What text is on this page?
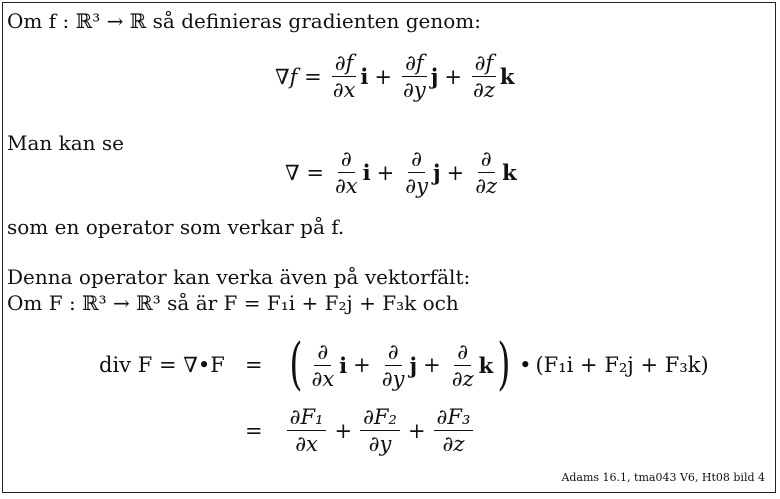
Om f : ℝ³ → ℝ så definieras gradienten genom:
$\nabla f = \frac{\partial f}{\partial x}$ $i + \frac{\partial f}{\partial y}$ $j + \frac{\partial f}{\partial z}$ k
Man kan se
∇ = $\frac{\partial}{\partial x}$ $i + \frac{\partial}{\partial y}$ $j + \frac{\partial}{\partial z}$ k
som en operator som verkar på f.
Denna operator kan verka även på vektorfält:
Om F : ℝ³ → ℝ³ så är F = F₁i + F₂j + F₃k och
div F = ∇•F = ( $\frac{\partial}{\partial x}$ $i + \frac{\partial}{\partial y}$ $j + \frac{\partial}{\partial z}$ k ) • (F₁i + F₂j + F₃k)
= $\frac{\text{∂F₁}}{\partial x} + \frac{\text{∂F₂}}{\partial y} + \frac{\text{∂F₃}}{\partial z}$
Adams 16.1, tma043 V6, Ht08 bild 4
